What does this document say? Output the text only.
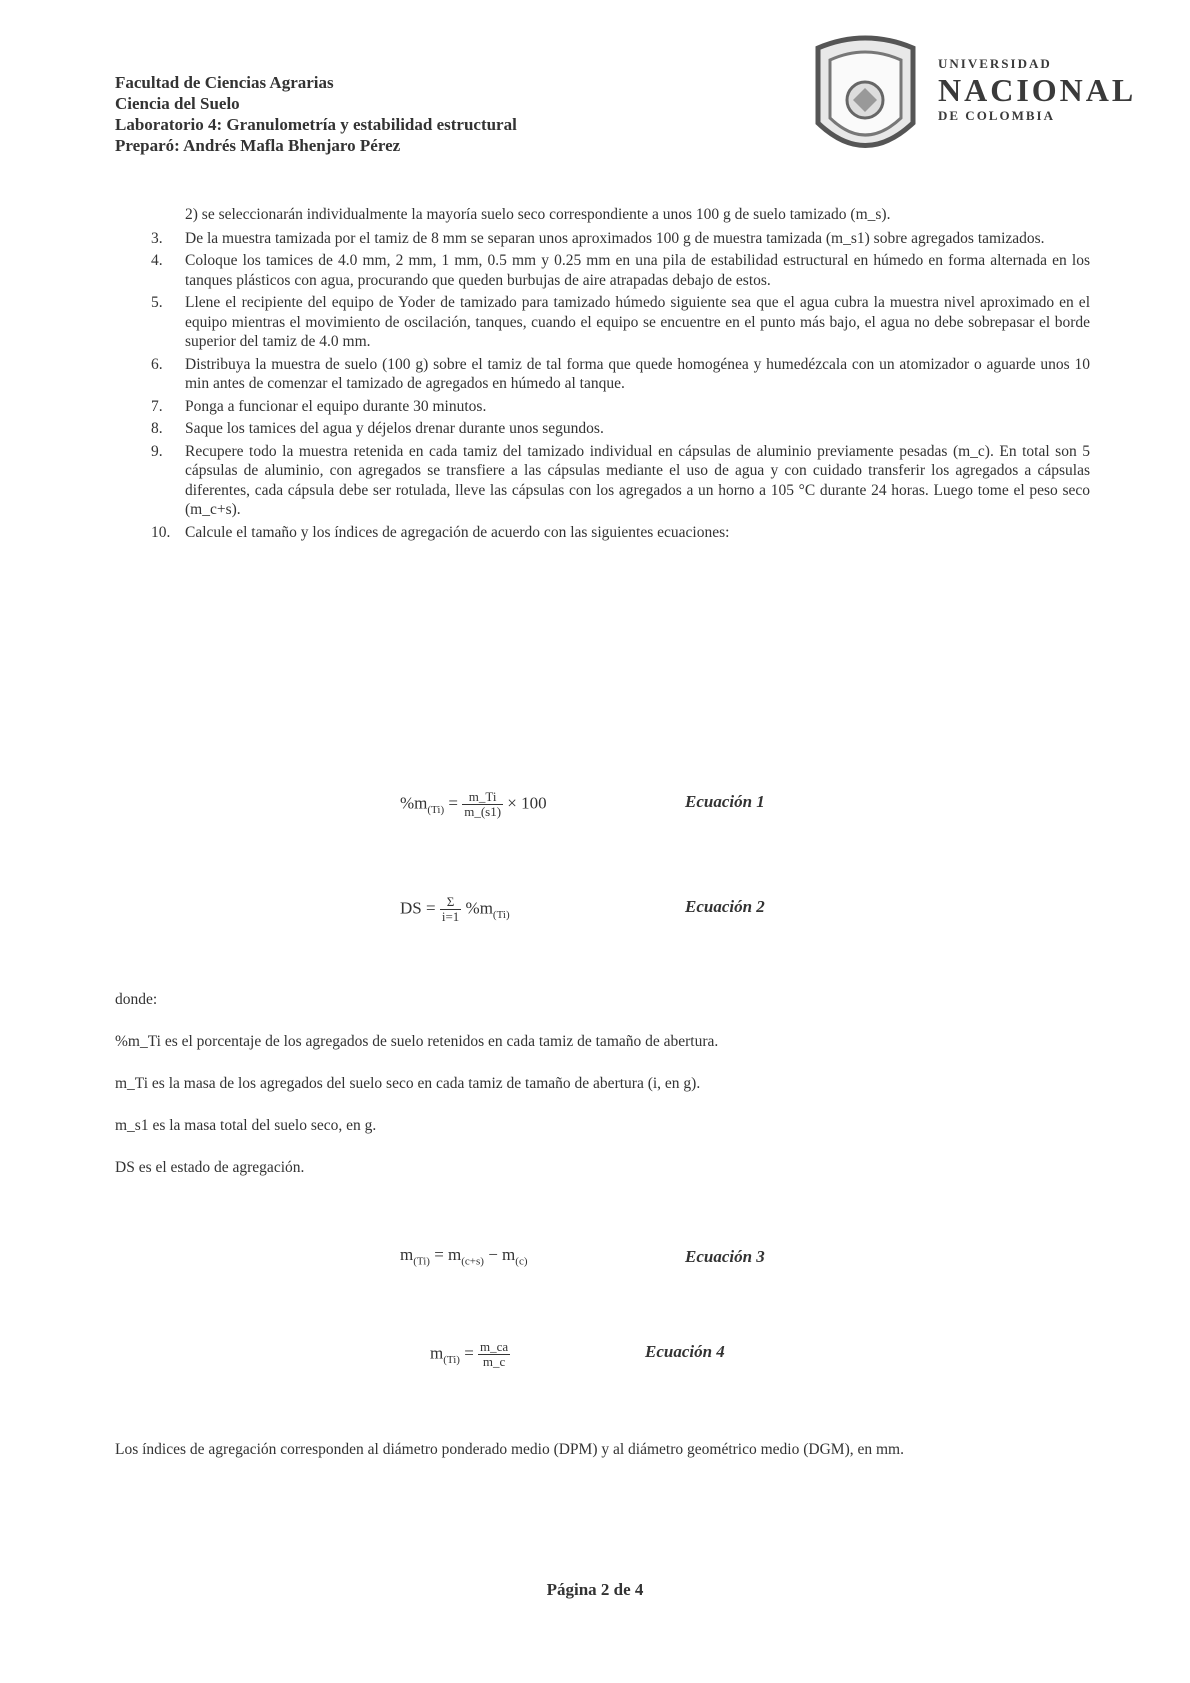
Facultad de Ciencias Agrarias
Ciencia del Suelo
Laboratorio 4: Granulometría y estabilidad estructural
Preparó: Andrés Mafla Bhenjaro Pérez
UNIVERSIDAD
NACIONAL
DE COLOMBIA
2) se seleccionarán individualmente la mayoría suelo seco correspondiente a unos 100 g de suelo tamizado (m_s).
3. De la muestra tamizada por el tamiz de 8 mm se separan unos aproximados 100 g de muestra tamizada (m_s1) sobre agregados tamizados.
4. Coloque los tamices de 4.0 mm, 2 mm, 1 mm, 0.5 mm y 0.25 mm en una pila de estabilidad estructural en húmedo en forma alternada en los tanques plásticos con agua, procurando que queden burbujas de aire atrapadas debajo de estos.
5. Llene el recipiente del equipo de Yoder de tamizado para tamizado húmedo siguiente sea que el agua cubra la muestra nivel aproximado en el equipo mientras el movimiento de oscilación, tanques, cuando el equipo se encuentre en el punto más bajo, el agua no debe sobrepasar el borde superior del tamiz de 4.0 mm.
6. Distribuya la muestra de suelo (100 g) sobre el tamiz de tal forma que quede homogénea y humedézcala con un atomizador o aguarde unos 10 min antes de comenzar el tamizado de agregados en húmedo al tanque.
7. Ponga a funcionar el equipo durante 30 minutos.
8. Saque los tamices del agua y déjelos drenar durante unos segundos.
9. Recupere todo la muestra retenida en cada tamiz del tamizado individual en cápsulas de aluminio previamente pesadas (m_c). En total son 5 cápsulas de aluminio, con agregados se transfiere a las cápsulas mediante el uso de agua y con cuidado transferir los agregados a cápsulas diferentes, cada cápsula debe ser rotulada, lleve las cápsulas con los agregados a un horno a 105 °C durante 24 horas. Luego tome el peso seco (m_c+s).
10. Calcule el tamaño y los índices de agregación de acuerdo con las siguientes ecuaciones:
$\%m_{(Ti)} = \frac{m\_Ti}{m\_(s1)} \times 100$	Ecuación 1
DS = $\frac{\Sigma}{i=1} \%m_{(Ti)}$	Ecuación 2
donde:
%m_Ti es el porcentaje de los agregados de suelo retenidos en cada tamiz de tamaño de abertura.
m_Ti es la masa de los agregados del suelo seco en cada tamiz de tamaño de abertura (i, en g).
m_s1 es la masa total del suelo seco, en g.
DS es el estado de agregación.
$m_{(Ti)} = m_{(c+s)} - m_{(c)}$	Ecuación 3
$m_{(Ti)} = \frac{m\_ca}{m\_c}$	Ecuación 4
Los índices de agregación corresponden al diámetro ponderado medio (DPM) y al diámetro geométrico medio (DGM), en mm.
Página 2 de 4
